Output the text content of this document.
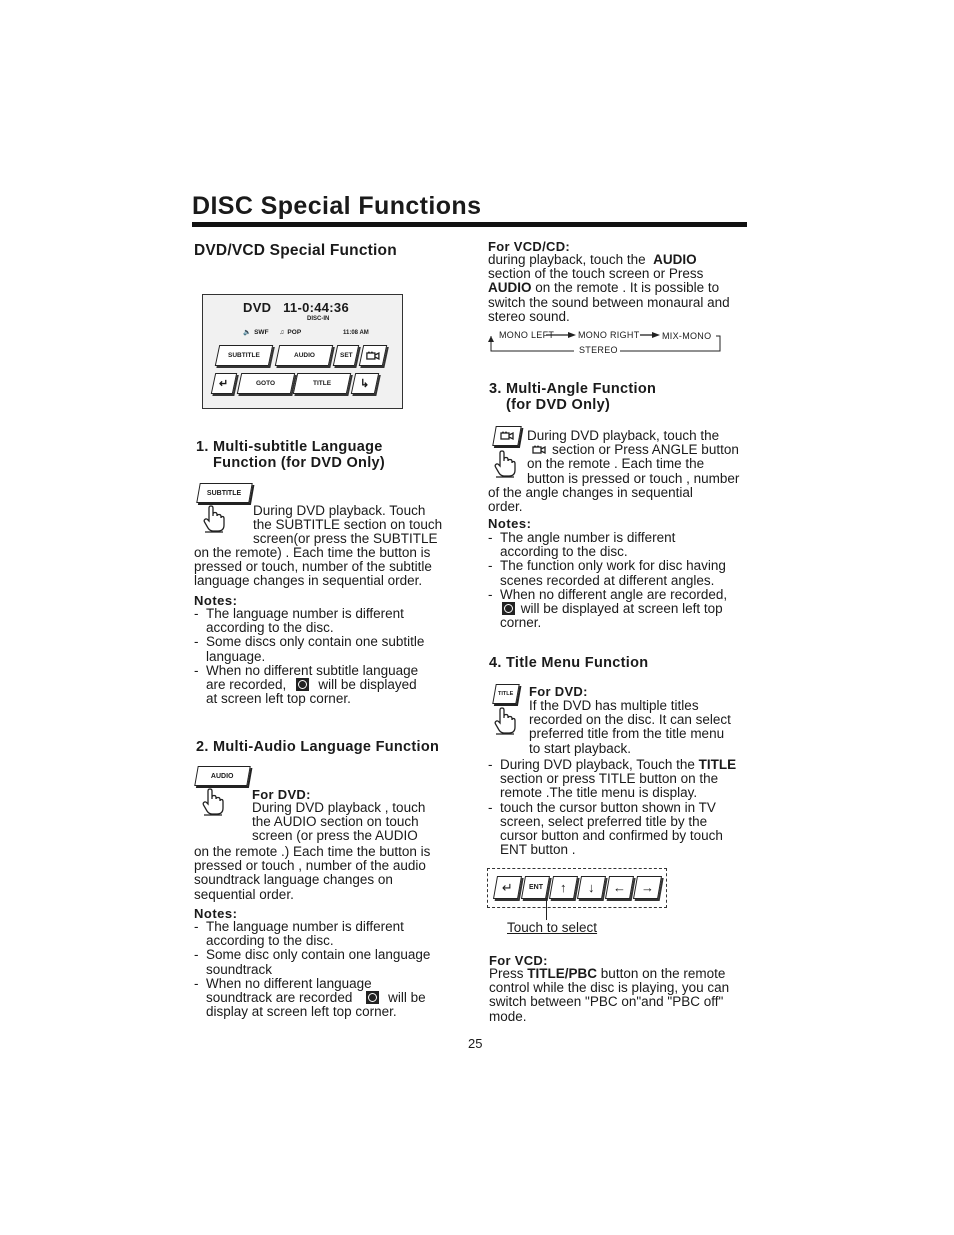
DISC Special Functions
DVD/VCD Special Function
DVD 11-0:44:36
DISC-IN
🔈 SWF ♫ POP	11:08 AM
SUBTITLE	AUDIO	SET
↵	GOTO	TITLE	↳
1. Multi-subtitle Language
Function (for DVD Only)
SUBTITLE
During DVD playback. Touch
the SUBTITLE section on touch
screen(or press the SUBTITLE
on the remote) . Each time the button is
pressed or touch, number of the subtitle
language changes in sequential order.
Notes:
- The language number is different
according to the disc.
- Some discs only contain one subtitle
language.
- When no different subtitle language
are recorded, will be displayed
at screen left top corner.
2. Multi-Audio Language Function
AUDIO
For DVD:
During DVD playback , touch
the AUDIO section on touch
screen (or press the AUDIO
on the remote .) Each time the button is
pressed or touch , number of the audio
soundtrack language changes on
sequential order.
Notes:
- The language number is different
according to the disc.
- Some disc only contain one language
soundtrack
- When no different language
soundtrack are recorded	will be
display at screen left top corner.
For VCD/CD:
during playback, touch the AUDIO
section of the touch screen or Press
AUDIO on the remote . It is possible to
switch the sound between monaural and
stereo sound.
MONO LEFT	MONO RIGHT	MIX-MONO
STEREO
3. Multi-Angle Function
(for DVD Only)
During DVD playback, touch the
section or Press ANGLE button
on the remote . Each time the
button is pressed or touch , number
of the angle changes in sequential
order.
Notes:
- The angle number is different
according to the disc.
- The function only work for disc having
scenes recorded at different angles.
- When no different angle are recorded,
will be displayed at screen left top
corner.
4. Title Menu Function
TITLE For DVD:
If the DVD has multiple titles
recorded on the disc. It can select
preferred title from the title menu
to start playback.
- During DVD playback, Touch the TITLE
section or press TITLE button on the
remote .The title menu is display.
- touch the cursor button shown in TV
screen, select preferred title by the
cursor button and confirmed by touch
ENT button .
↵ ENT ↑ ↓ ← →
Touch to select
For VCD:
Press TITLE/PBC button on the remote
control while the disc is playing, you can
switch between "PBC on"and "PBC off"
mode.
25
